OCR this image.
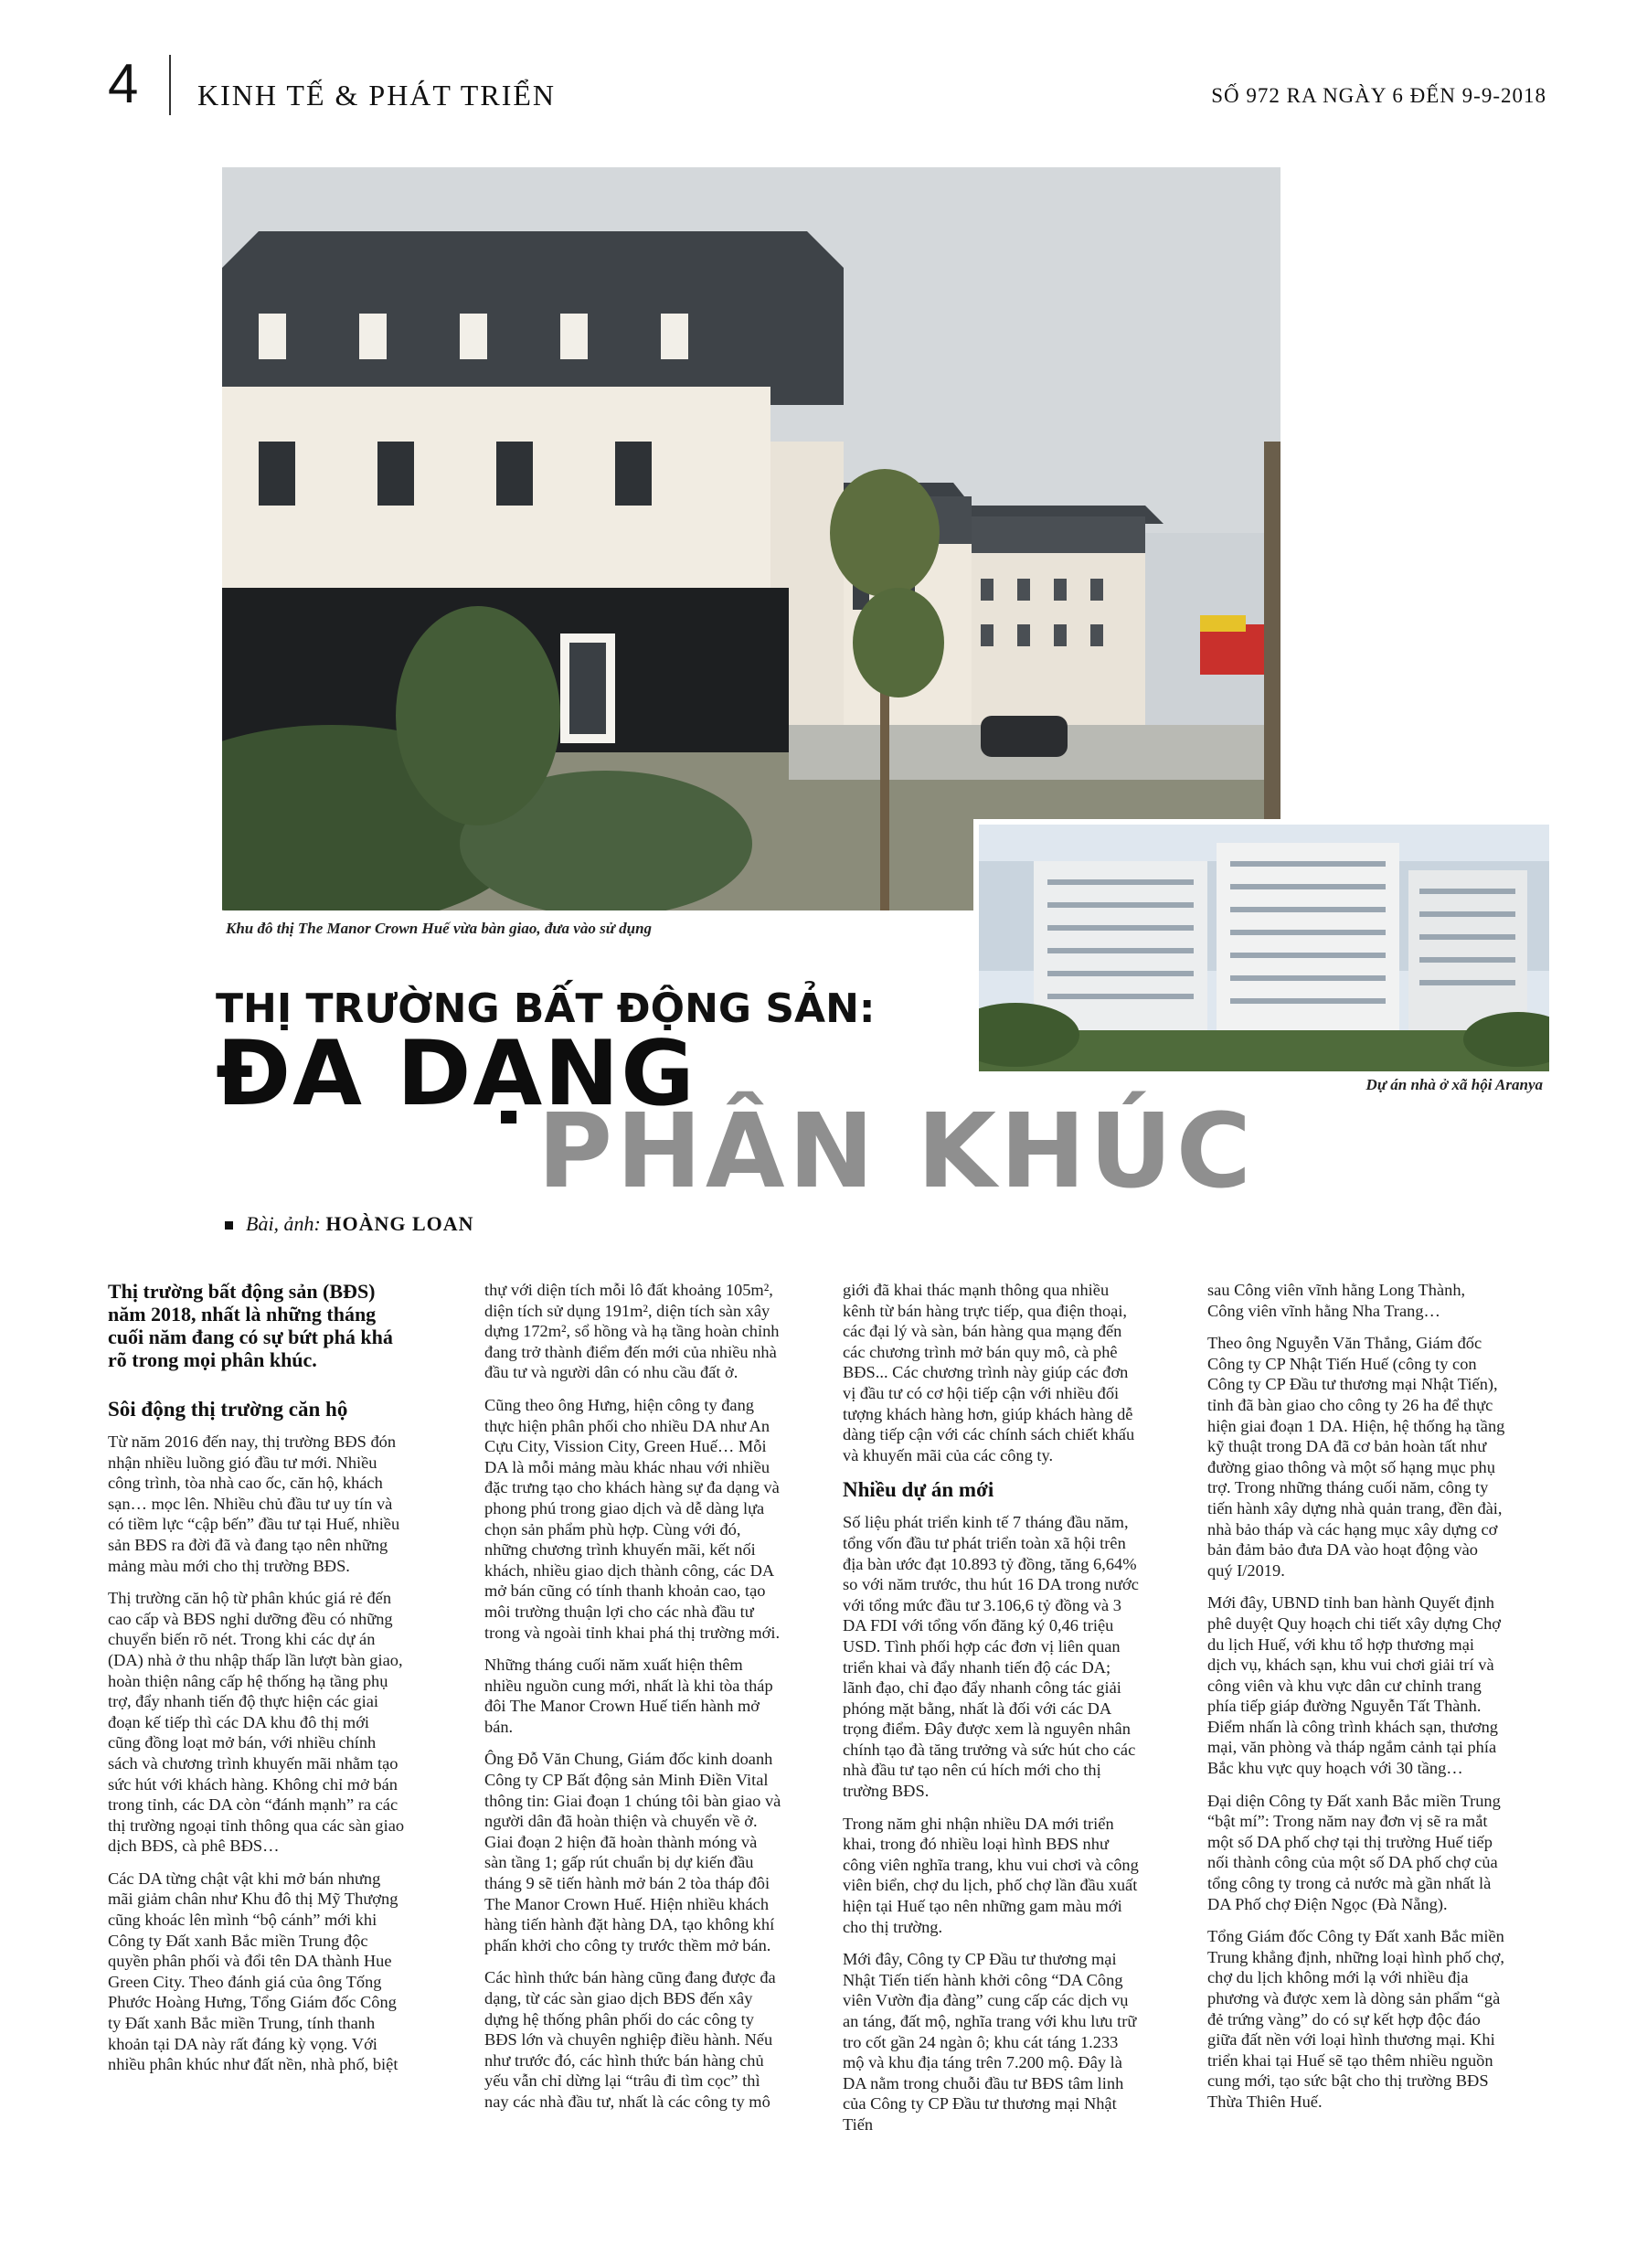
4 KINH TẾ & PHÁT TRIỂN	SỐ 972 RA NGÀY 6 ĐẾN 9-9-2018
Khu đô thị The Manor Crown Huế vừa bàn giao, đưa vào sử dụng
Dự án nhà ở xã hội Aranya
THỊ TRƯỜNG BẤT ĐỘNG SẢN:
ĐA DẠNG
PHÂN KHÚC
Bài, ảnh: HOÀNG LOAN

Thị trường bất động sản (BĐS) năm 2018, nhất là những tháng cuối năm đang có sự bứt phá khá rõ trong mọi phân khúc.

Sôi động thị trường căn hộ

Từ năm 2016 đến nay, thị trường BĐS đón nhận nhiều luồng gió đầu tư mới. Nhiều công trình, tòa nhà cao ốc, căn hộ, khách sạn… mọc lên. Nhiều chủ đầu tư uy tín và có tiềm lực “cập bến” đầu tư tại Huế, nhiều sản BĐS ra đời đã và đang tạo nên những mảng màu mới cho thị trường BĐS.

Thị trường căn hộ từ phân khúc giá rẻ đến cao cấp và BĐS nghỉ dưỡng đều có những chuyển biến rõ nét. Trong khi các dự án (DA) nhà ở thu nhập thấp lần lượt bàn giao, hoàn thiện nâng cấp hệ thống hạ tầng phụ trợ, đẩy nhanh tiến độ thực hiện các giai đoạn kế tiếp thì các DA khu đô thị mới cũng đồng loạt mở bán, với nhiều chính sách và chương trình khuyến mãi nhằm tạo sức hút với khách hàng. Không chỉ mở bán trong tỉnh, các DA còn “đánh mạnh” ra các thị trường ngoại tỉnh thông qua các sàn giao dịch BĐS, cà phê BĐS…

Các DA từng chật vật khi mở bán nhưng mãi giảm chân như Khu đô thị Mỹ Thượng cũng khoác lên mình “bộ cánh” mới khi Công ty Đất xanh Bắc miền Trung độc quyền phân phối và đổi tên DA thành Hue Green City. Theo đánh giá của ông Tống Phước Hoàng Hưng, Tổng Giám đốc Công ty Đất xanh Bắc miền Trung, tính thanh khoản tại DA này rất đáng kỳ vọng. Với nhiều phân khúc như đất nền, nhà phố, biệt

thự với diện tích mỗi lô đất khoảng 105m², diện tích sử dụng 191m², diện tích sàn xây dựng 172m², sổ hồng và hạ tầng hoàn chỉnh đang trở thành điểm đến mới của nhiều nhà đầu tư và người dân có nhu cầu đất ở.

Cũng theo ông Hưng, hiện công ty đang thực hiện phân phối cho nhiều DA như An Cựu City, Vission City, Green Huế… Mỗi DA là mỗi mảng màu khác nhau với nhiều đặc trưng tạo cho khách hàng sự đa dạng và phong phú trong giao dịch và dễ dàng lựa chọn sản phẩm phù hợp. Cùng với đó, những chương trình khuyến mãi, kết nối khách, nhiều giao dịch thành công, các DA mở bán cũng có tính thanh khoản cao, tạo môi trường thuận lợi cho các nhà đầu tư trong và ngoài tỉnh khai phá thị trường mới.

Những tháng cuối năm xuất hiện thêm nhiều nguồn cung mới, nhất là khi tòa tháp đôi The Manor Crown Huế tiến hành mở bán.

Ông Đỗ Văn Chung, Giám đốc kinh doanh Công ty CP Bất động sản Minh Điền Vital thông tin: Giai đoạn 1 chúng tôi bàn giao và người dân đã hoàn thiện và chuyển về ở. Giai đoạn 2 hiện đã hoàn thành móng và sàn tầng 1; gấp rút chuẩn bị dự kiến đầu tháng 9 sẽ tiến hành mở bán 2 tòa tháp đôi The Manor Crown Huế. Hiện nhiều khách hàng tiến hành đặt hàng DA, tạo không khí phấn khởi cho công ty trước thềm mở bán.

Các hình thức bán hàng cũng đang được đa dạng, từ các sàn giao dịch BĐS đến xây dựng hệ thống phân phối do các công ty BĐS lớn và chuyên nghiệp điều hành. Nếu như trước đó, các hình thức bán hàng chủ yếu vẫn chỉ dừng lại “trâu đi tìm cọc” thì nay các nhà đầu tư, nhất là các công ty mô

giới đã khai thác mạnh thông qua nhiều kênh từ bán hàng trực tiếp, qua điện thoại, các đại lý và sàn, bán hàng qua mạng đến các chương trình mở bán quy mô, cà phê BĐS... Các chương trình này giúp các đơn vị đầu tư có cơ hội tiếp cận với nhiều đối tượng khách hàng hơn, giúp khách hàng dễ dàng tiếp cận với các chính sách chiết khấu và khuyến mãi của các công ty.

Nhiều dự án mới

Số liệu phát triển kinh tế 7 tháng đầu năm, tổng vốn đầu tư phát triển toàn xã hội trên địa bàn ước đạt 10.893 tỷ đồng, tăng 6,64% so với năm trước, thu hút 16 DA trong nước với tổng mức đầu tư 3.106,6 tỷ đồng và 3 DA FDI với tổng vốn đăng ký 0,46 triệu USD. Tình phối hợp các đơn vị liên quan triển khai và đẩy nhanh tiến độ các DA; lãnh đạo, chỉ đạo đẩy nhanh công tác giải phóng mặt bằng, nhất là đối với các DA trọng điểm. Đây được xem là nguyên nhân chính tạo đà tăng trưởng và sức hút cho các nhà đầu tư tạo nên cú hích mới cho thị trường BĐS.

Trong năm ghi nhận nhiều DA mới triển khai, trong đó nhiều loại hình BĐS như công viên nghĩa trang, khu vui chơi và công viên biển, chợ du lịch, phố chợ lần đầu xuất hiện tại Huế tạo nên những gam màu mới cho thị trường.

Mới đây, Công ty CP Đầu tư thương mại Nhật Tiến tiến hành khởi công “DA Công viên Vườn địa đàng” cung cấp các dịch vụ an táng, đất mộ, nghĩa trang với khu lưu trữ tro cốt gần 24 ngàn ô; khu cát táng 1.233 mộ và khu địa táng trên 7.200 mộ. Đây là DA nằm trong chuỗi đầu tư BĐS tâm linh của Công ty CP Đầu tư thương mại Nhật Tiến

sau Công viên vĩnh hằng Long Thành, Công viên vĩnh hằng Nha Trang…

Theo ông Nguyễn Văn Thắng, Giám đốc Công ty CP Nhật Tiến Huế (công ty con Công ty CP Đầu tư thương mại Nhật Tiến), tỉnh đã bàn giao cho công ty 26 ha để thực hiện giai đoạn 1 DA. Hiện, hệ thống hạ tầng kỹ thuật trong DA đã cơ bản hoàn tất như đường giao thông và một số hạng mục phụ trợ. Trong những tháng cuối năm, công ty tiến hành xây dựng nhà quản trang, đền đài, nhà bảo tháp và các hạng mục xây dựng cơ bản đảm bảo đưa DA vào hoạt động vào quý I/2019.

Mới đây, UBND tỉnh ban hành Quyết định phê duyệt Quy hoạch chi tiết xây dựng Chợ du lịch Huế, với khu tổ hợp thương mại dịch vụ, khách sạn, khu vui chơi giải trí và công viên và khu vực dân cư chỉnh trang phía tiếp giáp đường Nguyễn Tất Thành. Điểm nhấn là công trình khách sạn, thương mại, văn phòng và tháp ngắm cảnh tại phía Bắc khu vực quy hoạch với 30 tầng…

Đại diện Công ty Đất xanh Bắc miền Trung “bật mí”: Trong năm nay đơn vị sẽ ra mắt một số DA phố chợ tại thị trường Huế tiếp nối thành công của một số DA phố chợ của tổng công ty trong cả nước mà gần nhất là DA Phố chợ Điện Ngọc (Đà Nẵng).

Tổng Giám đốc Công ty Đất xanh Bắc miền Trung khẳng định, những loại hình phố chợ, chợ du lịch không mới lạ với nhiều địa phương và được xem là dòng sản phẩm “gà đẻ trứng vàng” do có sự kết hợp độc đáo giữa đất nền với loại hình thương mại. Khi triển khai tại Huế sẽ tạo thêm nhiều nguồn cung mới, tạo sức bật cho thị trường BĐS Thừa Thiên Huế.
